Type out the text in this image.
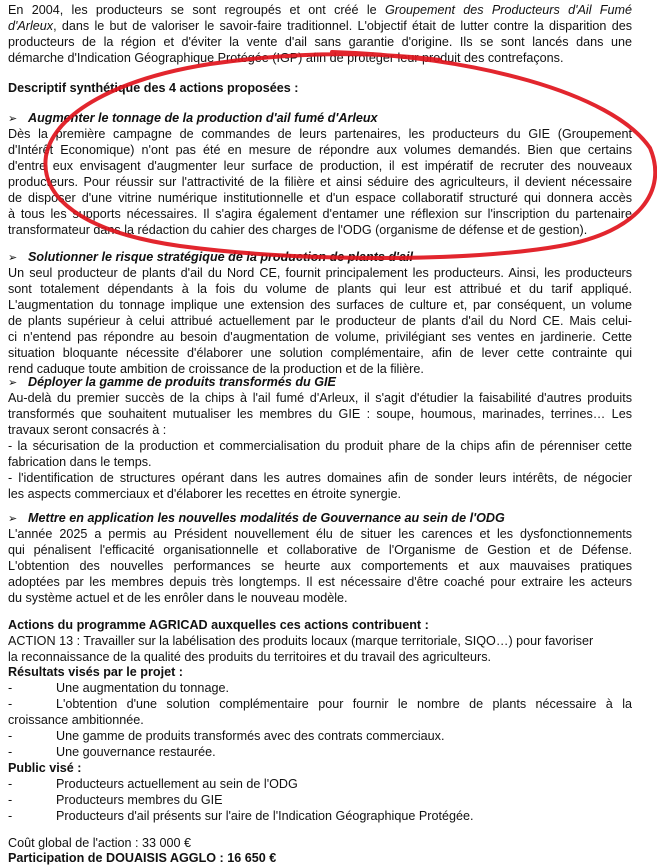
En 2004, les producteurs se sont regroupés et ont créé le Groupement des Producteurs d'Ail Fumé
d'Arleux, dans le but de valoriser le savoir-faire traditionnel. L'objectif était de lutter contre la disparition des
producteurs de la région et d'éviter la vente d'ail sans garantie d'origine. Ils se sont lancés dans une
démarche d'Indication Géographique Protégée (IGP) afin de protéger leur produit des contrefaçons.
Descriptif synthétique des 4 actions proposées :
➢ Augmenter le tonnage de la production d'ail fumé d'Arleux
Dès la première campagne de commandes de leurs partenaires, les producteurs du GIE (Groupement
d'Intérêt Economique) n'ont pas été en mesure de répondre aux volumes demandés. Bien que certains
d'entre eux envisagent d'augmenter leur surface de production, il est impératif de recruter des nouveaux
producteurs. Pour réussir sur l'attractivité de la filière et ainsi séduire des agriculteurs, il devient nécessaire
de disposer d'une vitrine numérique institutionnelle et d'un espace collaboratif structuré qui donnera accès
à tous les supports nécessaires. Il s'agira également d'entamer une réflexion sur l'inscription du partenaire
transformateur dans la rédaction du cahier des charges de l'ODG (organisme de défense et de gestion).
➢ Solutionner le risque stratégique de la production de plants d'ail
Un seul producteur de plants d'ail du Nord CE, fournit principalement les producteurs. Ainsi, les producteurs
sont totalement dépendants à la fois du volume de plants qui leur est attribué et du tarif appliqué.
L'augmentation du tonnage implique une extension des surfaces de culture et, par conséquent, un volume
de plants supérieur à celui attribué actuellement par le producteur de plants d'ail du Nord CE. Mais celui-
ci n'entend pas répondre au besoin d'augmentation de volume, privilégiant ses ventes en jardinerie. Cette
situation bloquante nécessite d'élaborer une solution complémentaire, afin de lever cette contrainte qui
rend caduque toute ambition de croissance de la production et de la filière.
➢ Déployer la gamme de produits transformés du GIE
Au-delà du premier succès de la chips à l'ail fumé d'Arleux, il s'agit d'étudier la faisabilité d'autres produits
transformés que souhaitent mutualiser les membres du GIE : soupe, houmous, marinades, terrines… Les
travaux seront consacrés à :
- la sécurisation de la production et commercialisation du produit phare de la chips afin de pérenniser cette
fabrication dans le temps.
- l'identification de structures opérant dans les autres domaines afin de sonder leurs intérêts, de négocier
les aspects commerciaux et d'élaborer les recettes en étroite synergie.
➢ Mettre en application les nouvelles modalités de Gouvernance au sein de l'ODG
L'année 2025 a permis au Président nouvellement élu de situer les carences et les dysfonctionnements
qui pénalisent l'efficacité organisationnelle et collaborative de l'Organisme de Gestion et de Défense.
L'obtention des nouvelles performances se heurte aux comportements et aux mauvaises pratiques
adoptées par les membres depuis très longtemps. Il est nécessaire d'être coaché pour extraire les acteurs
du système actuel et de les enrôler dans le nouveau modèle.
Actions du programme AGRICAD auxquelles ces actions contribuent :
ACTION 13 : Travailler sur la labélisation des produits locaux (marque territoriale, SIQO…) pour favoriser
la reconnaissance de la qualité des produits du territoires et du travail des agriculteurs.
Résultats visés par le projet :
-	Une augmentation du tonnage.
-	L'obtention d'une solution complémentaire pour fournir le nombre de plants nécessaire à la
croissance ambitionnée.
-	Une gamme de produits transformés avec des contrats commerciaux.
-	Une gouvernance restaurée.
Public visé :
-	Producteurs actuellement au sein de l'ODG
-	Producteurs membres du GIE
-	Producteurs d'ail présents sur l'aire de l'Indication Géographique Protégée.
Coût global de l'action : 33 000 €
Participation de DOUAISIS AGGLO : 16 650 €
